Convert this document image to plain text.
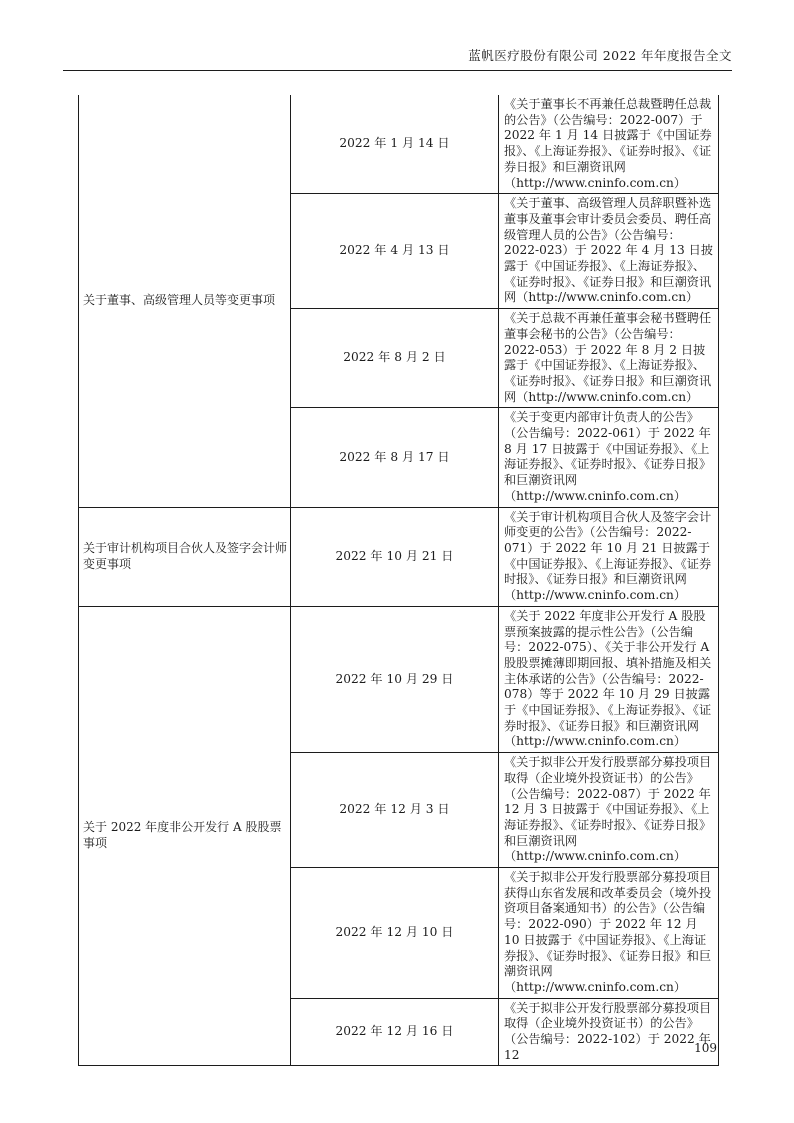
蓝帆医疗股份有限公司 2022 年年度报告全文
关于董事、高级管理人员等变更事项	2022 年 1 月 14 日	《关于董事长不再兼任总裁暨聘任总裁的公告》（公告编号：2022-007）于 2022 年 1 月 14 日披露于《中国证券报》、《上海证券报》、《证券时报》、《证券日报》和巨潮资讯网（http://www.cninfo.com.cn）
	2022 年 4 月 13 日	《关于董事、高级管理人员辞职暨补选董事及董事会审计委员会委员、聘任高级管理人员的公告》（公告编号：2022-023）于 2022 年 4 月 13 日披露于《中国证券报》、《上海证券报》、《证券时报》、《证券日报》和巨潮资讯网（http://www.cninfo.com.cn）
	2022 年 8 月 2 日	《关于总裁不再兼任董事会秘书暨聘任董事会秘书的公告》（公告编号：2022-053）于 2022 年 8 月 2 日披露于《中国证券报》、《上海证券报》、《证券时报》、《证券日报》和巨潮资讯网（http://www.cninfo.com.cn）
	2022 年 8 月 17 日	《关于变更内部审计负责人的公告》（公告编号：2022-061）于 2022 年 8 月 17 日披露于《中国证券报》、《上海证券报》、《证券时报》、《证券日报》和巨潮资讯网（http://www.cninfo.com.cn）
关于审计机构项目合伙人及签字会计师变更事项	2022 年 10 月 21 日	《关于审计机构项目合伙人及签字会计师变更的公告》（公告编号：2022-071）于 2022 年 10 月 21 日披露于《中国证券报》、《上海证券报》、《证券时报》、《证券日报》和巨潮资讯网（http://www.cninfo.com.cn）
关于 2022 年度非公开发行 A 股股票事项	2022 年 10 月 29 日	《关于 2022 年度非公开发行 A 股股票预案披露的提示性公告》（公告编号：2022-075）、《关于非公开发行 A 股股票摊薄即期回报、填补措施及相关主体承诺的公告》（公告编号：2022-078）等于 2022 年 10 月 29 日披露于《中国证券报》、《上海证券报》、《证券时报》、《证券日报》和巨潮资讯网（http://www.cninfo.com.cn）
	2022 年 12 月 3 日	《关于拟非公开发行股票部分募投项目取得（企业境外投资证书）的公告》（公告编号：2022-087）于 2022 年 12 月 3 日披露于《中国证券报》、《上海证券报》、《证券时报》、《证券日报》和巨潮资讯网（http://www.cninfo.com.cn）
	2022 年 12 月 10 日	《关于拟非公开发行股票部分募投项目获得山东省发展和改革委员会（境外投资项目备案通知书）的公告》（公告编号：2022-090）于 2022 年 12 月 10 日披露于《中国证券报》、《上海证券报》、《证券时报》、《证券日报》和巨潮资讯网（http://www.cninfo.com.cn）
	2022 年 12 月 16 日	《关于拟非公开发行股票部分募投项目取得（企业境外投资证书）的公告》（公告编号：2022-102）于 2022 年 12	109
